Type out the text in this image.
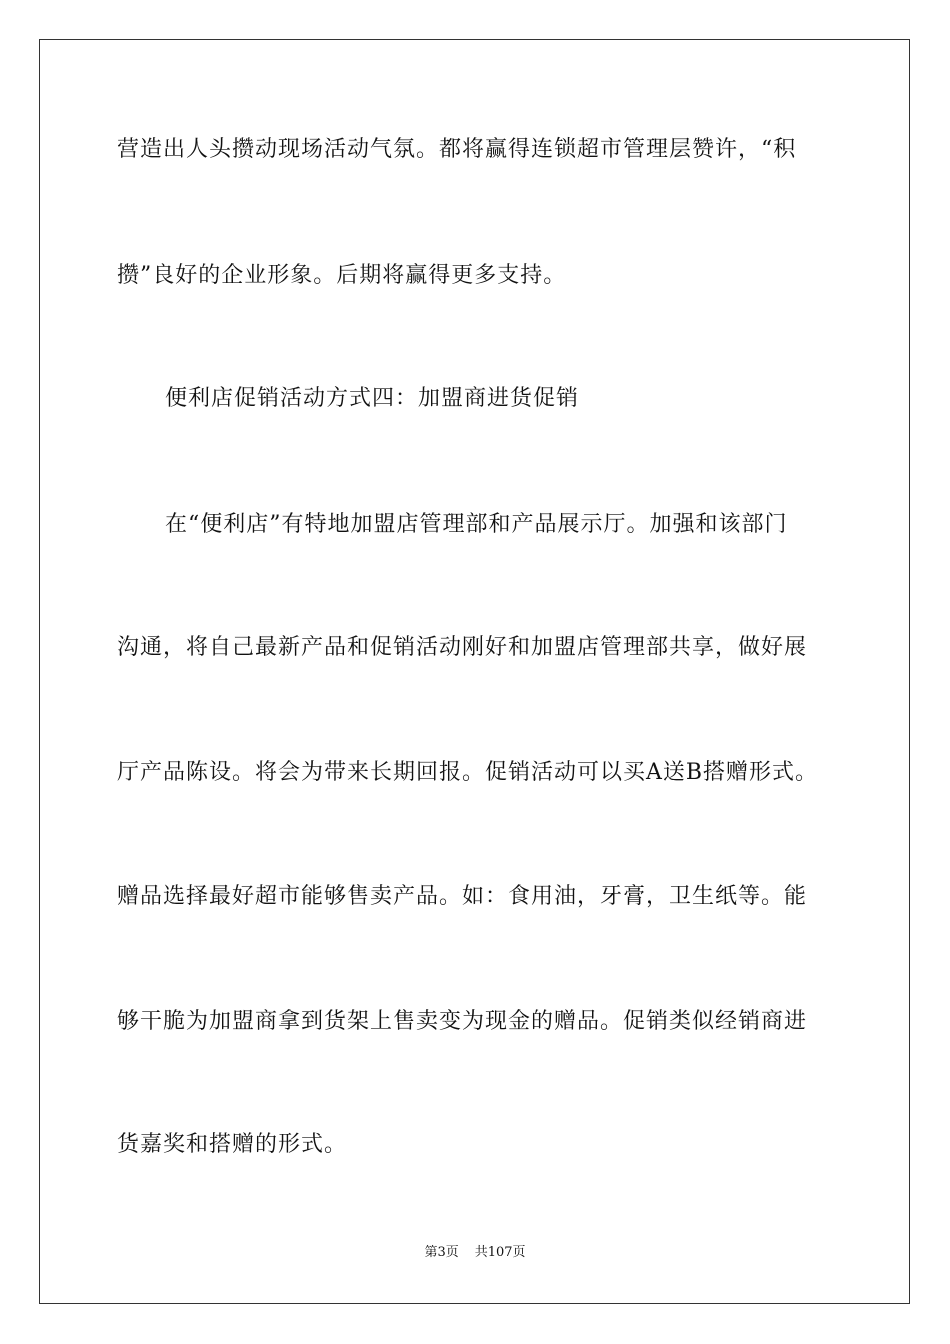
营造出人头攒动现场活动气氛。都将赢得连锁超市管理层赞许，“积
攒”良好的企业形象。后期将赢得更多支持。
便利店促销活动方式四：加盟商进货促销
在“便利店”有特地加盟店管理部和产品展示厅。加强和该部门
沟通，将自己最新产品和促销活动刚好和加盟店管理部共享，做好展
厅产品陈设。将会为带来长期回报。促销活动可以买A送B搭赠形式。
赠品选择最好超市能够售卖产品。如：食用油，牙膏，卫生纸等。能
够干脆为加盟商拿到货架上售卖变为现金的赠品。促销类似经销商进
货嘉奖和搭赠的形式。
第3页 共107页
